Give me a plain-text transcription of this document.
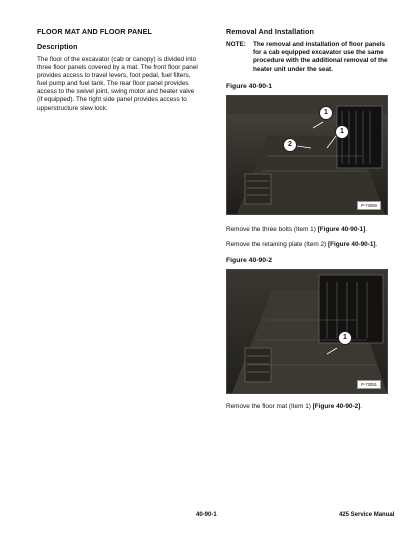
FLOOR MAT AND FLOOR PANEL
Description
The floor of the excavator (cab or canopy) is divided into
three floor panels covered by a mat. The front floor panel
provides access to travel levers, foot pedal, fuel filters,
fuel pump and fuel tank. The rear floor panel provides
access to the swivel joint, swing motor and heater valve
(if equipped). The right side panel provides access to
upperstructure slew lock.
Removal And Installation
NOTE: The removal and installation of floor panels
for a cab equipped excavator use the same
procedure with the additional removal of the
heater unit under the seat.
Figure 40-90-1
1
1
2
P-73050
Remove the three bolts (Item 1) [Figure 40-90-1].
Remove the retaining plate (Item 2) [Figure 40-90-1].
Figure 40-90-2
1
P-73051
Remove the floor mat (Item 1) [Figure 40-90-2].
40-90-1	425 Service Manual
